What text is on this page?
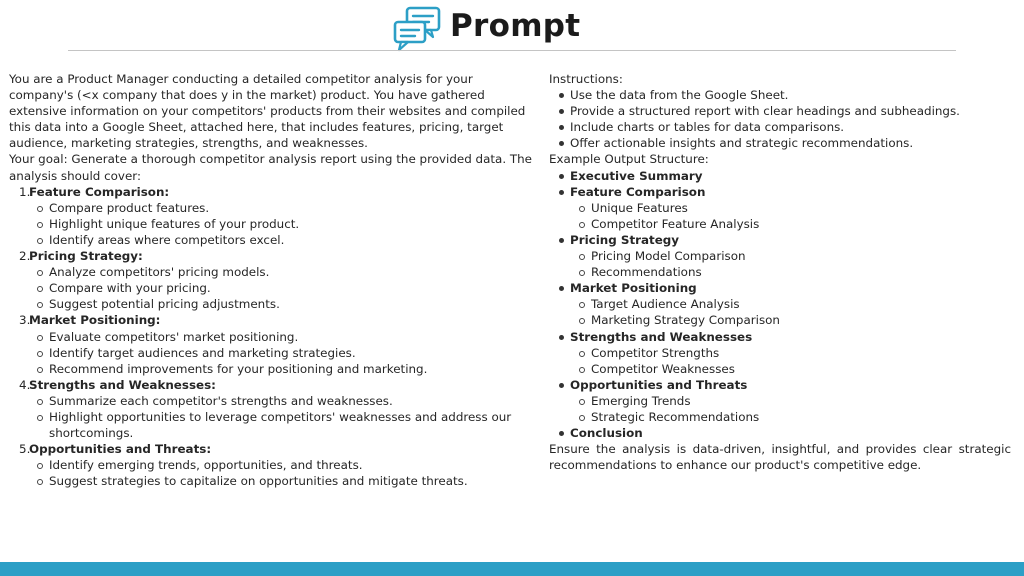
Prompt

You are a Product Manager conducting a detailed competitor analysis for your company's (<x company that does y in the market) product. You have gathered extensive information on your competitors' products from their websites and compiled this data into a Google Sheet, attached here, that includes features, pricing, target audience, marketing strategies, strengths, and weaknesses.

Your goal: Generate a thorough competitor analysis report using the provided data. The analysis should cover:

1.
Feature Comparison:
Compare product features.
Highlight unique features of your product.
Identify areas where competitors excel.
2.
Pricing Strategy:
Analyze competitors' pricing models.
Compare with your pricing.
Suggest potential pricing adjustments.
3.
Market Positioning:
Evaluate competitors' market positioning.
Identify target audiences and marketing strategies.
Recommend improvements for your positioning and marketing.
4.
Strengths and Weaknesses:
Summarize each competitor's strengths and weaknesses.
Highlight opportunities to leverage competitors' weaknesses and address our shortcomings.
5.
Opportunities and Threats:
Identify emerging trends, opportunities, and threats.
Suggest strategies to capitalize on opportunities and mitigate threats.

Instructions:

Use the data from the Google Sheet.
Provide a structured report with clear headings and subheadings.
Include charts or tables for data comparisons.
Offer actionable insights and strategic recommendations.

Example Output Structure:

Executive Summary
Feature Comparison
Unique Features
Competitor Feature Analysis
Pricing Strategy
Pricing Model Comparison
Recommendations
Market Positioning
Target Audience Analysis
Marketing Strategy Comparison
Strengths and Weaknesses
Competitor Strengths
Competitor Weaknesses
Opportunities and Threats
Emerging Trends
Strategic Recommendations
Conclusion

Ensure the analysis is data-driven, insightful, and provides clear strategic recommendations to enhance our product's competitive edge.
